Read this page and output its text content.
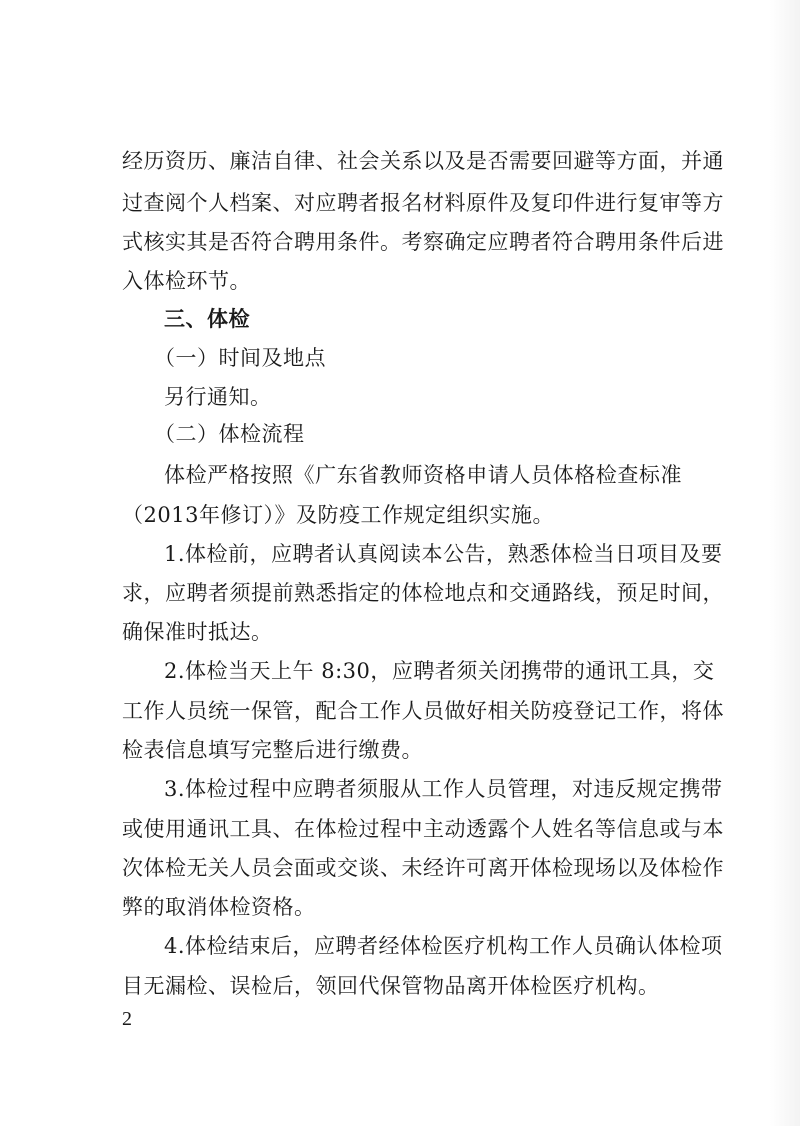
经历资历、廉洁自律、社会关系以及是否需要回避等方面，并通
过查阅个人档案、对应聘者报名材料原件及复印件进行复审等方
式核实其是否符合聘用条件。考察确定应聘者符合聘用条件后进
入体检环节。
三、体检
（一）时间及地点
另行通知。
（二）体检流程
体检严格按照《广东省教师资格申请人员体格检查标准
（2013年修订）》及防疫工作规定组织实施。
1.体检前，应聘者认真阅读本公告，熟悉体检当日项目及要
求，应聘者须提前熟悉指定的体检地点和交通路线，预足时间，
确保准时抵达。
2.体检当天上午 8:30，应聘者须关闭携带的通讯工具，交
工作人员统一保管，配合工作人员做好相关防疫登记工作，将体
检表信息填写完整后进行缴费。
3.体检过程中应聘者须服从工作人员管理，对违反规定携带
或使用通讯工具、在体检过程中主动透露个人姓名等信息或与本
次体检无关人员会面或交谈、未经许可离开体检现场以及体检作
弊的取消体检资格。
4.体检结束后，应聘者经体检医疗机构工作人员确认体检项
目无漏检、误检后，领回代保管物品离开体检医疗机构。
2
